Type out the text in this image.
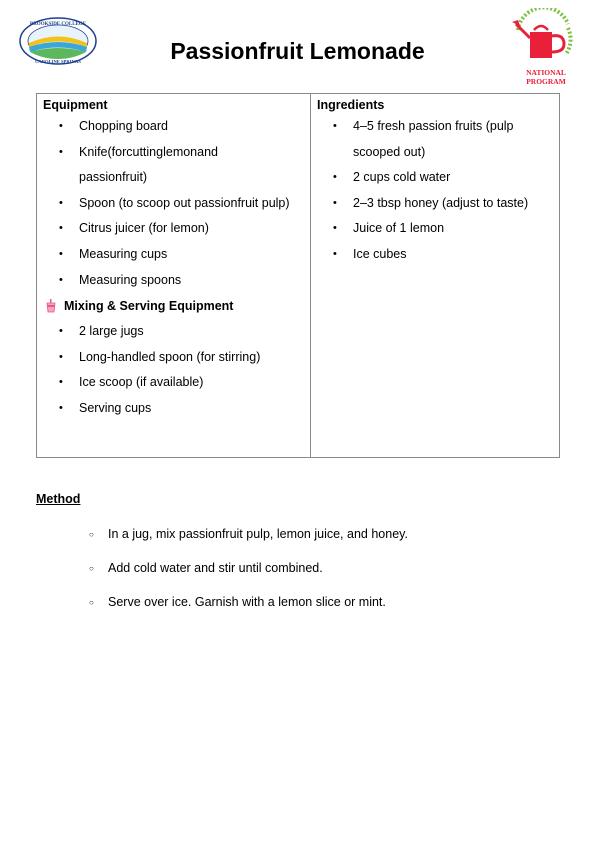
BROOKSIDE COLLEGE
CAROLINE SPRINGS	Passionfruit Lemonade
NATIONAL
PROGRAM
Equipment
• Chopping board
• Knife(forcuttinglemonand
passionfruit)
• Spoon (to scoop out passionfruit pulp)
• Citrus juicer (for lemon)
• Measuring cups
• Measuring spoons
Mixing & Serving Equipment
• 2 large jugs
• Long-handled spoon (for stirring)
• Ice scoop (if available)
• Serving cups

Ingredients
• 4–5 fresh passion fruits (pulp
scooped out)
• 2 cups cold water
• 2–3 tbsp honey (adjust to taste)
• Juice of 1 lemon
• Ice cubes
Method
○ In a jug, mix passionfruit pulp, lemon juice, and honey.
○ Add cold water and stir until combined.
○ Serve over ice. Garnish with a lemon slice or mint.
